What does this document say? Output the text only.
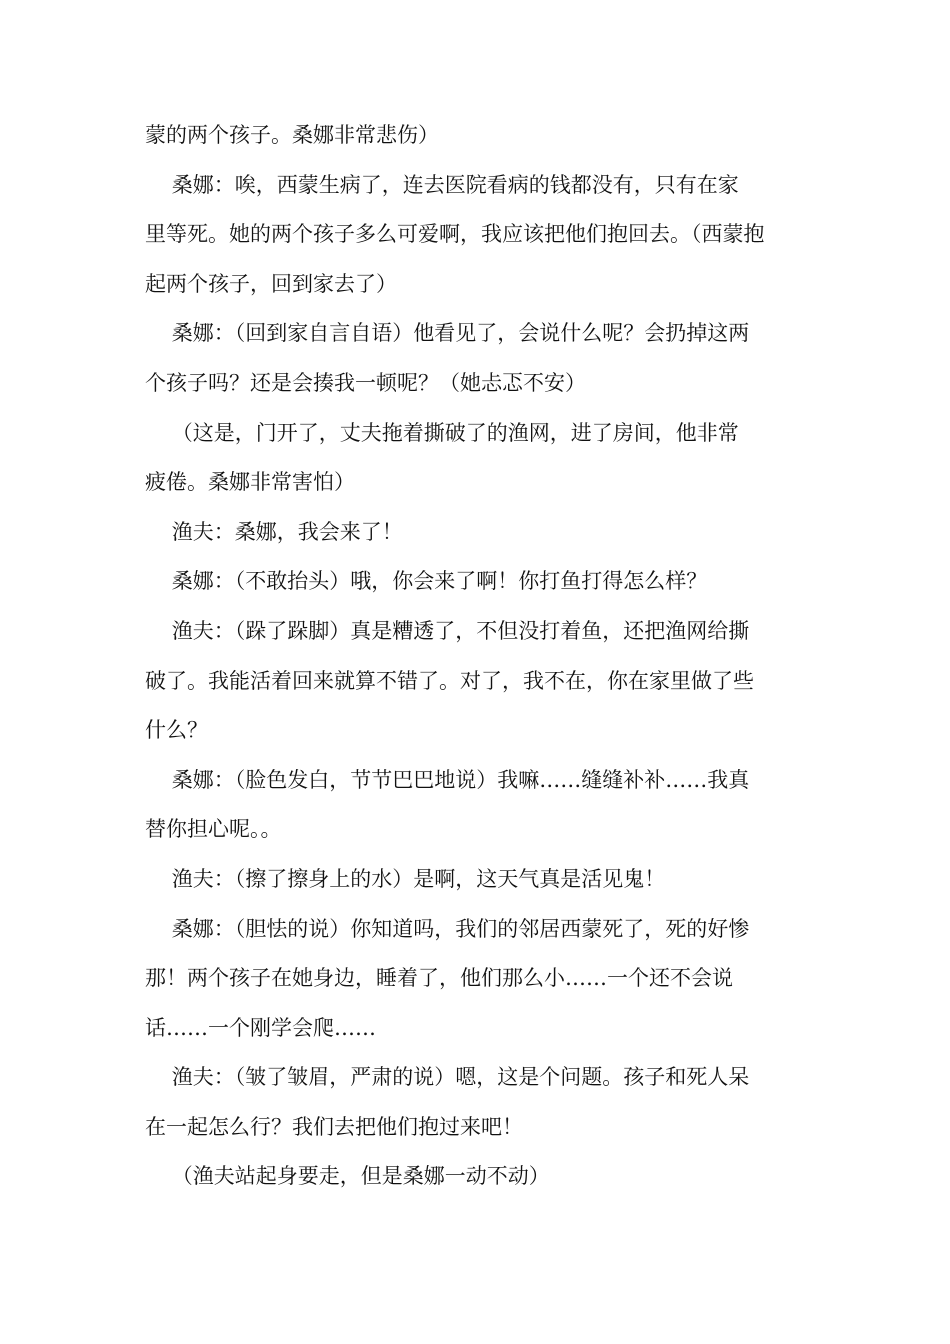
蒙的两个孩子。桑娜非常悲伤）
桑娜：唉，西蒙生病了，连去医院看病的钱都没有，只有在家
里等死。她的两个孩子多么可爱啊，我应该把他们抱回去。（西蒙抱
起两个孩子，回到家去了）
桑娜：（回到家自言自语）他看见了，会说什么呢？会扔掉这两
个孩子吗？还是会揍我一顿呢？（她忐忑不安）
（这是，门开了，丈夫拖着撕破了的渔网，进了房间，他非常
疲倦。桑娜非常害怕）
渔夫：桑娜，我会来了！
桑娜：（不敢抬头）哦，你会来了啊！你打鱼打得怎么样？
渔夫：（跺了跺脚）真是糟透了，不但没打着鱼，还把渔网给撕
破了。我能活着回来就算不错了。对了，我不在，你在家里做了些
什么？
桑娜：（脸色发白，节节巴巴地说）我嘛……缝缝补补……我真
替你担心呢。。
渔夫：（擦了擦身上的水）是啊，这天气真是活见鬼！
桑娜：（胆怯的说）你知道吗，我们的邻居西蒙死了，死的好惨
那！两个孩子在她身边，睡着了，他们那么小……一个还不会说
话……一个刚学会爬……
渔夫：（皱了皱眉，严肃的说）嗯，这是个问题。孩子和死人呆
在一起怎么行？我们去把他们抱过来吧！
（渔夫站起身要走，但是桑娜一动不动）
